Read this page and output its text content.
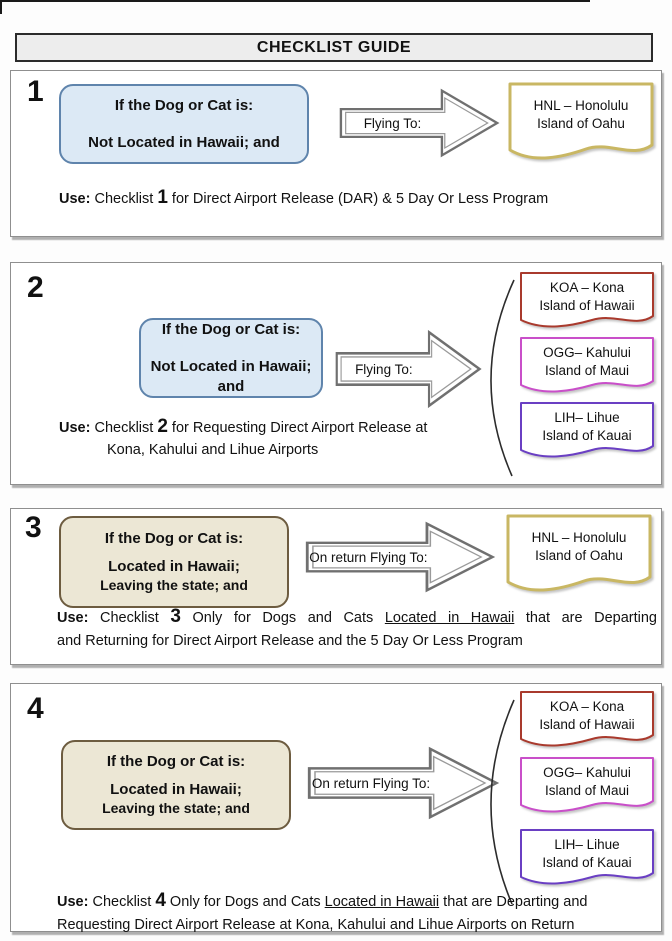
CHECKLIST GUIDE
1	If the Dog or Cat is:
Not Located in Hawaii; and
Flying To:
HNL – Honolulu
Island of Oahu
Use: Checklist 1 for Direct Airport Release (DAR) & 5 Day Or Less Program
2
If the Dog or Cat is:
Not Located in Hawaii; and
Flying To:
KOA – Kona
Island of Hawaii
OGG– Kahului
Island of Maui
LIH– Lihue
Island of Kauai
Use: Checklist 2 for Requesting Direct Airport Release at
Kona, Kahului and Lihue Airports
3	If the Dog or Cat is:
Located in Hawaii;
Leaving the state; and
On return Flying To:
HNL – Honolulu
Island of Oahu
Use: Checklist 3 Only for Dogs and Cats Located in Hawaii that are Departing
and Returning for Direct Airport Release and the 5 Day Or Less Program
4
If the Dog or Cat is:
Located in Hawaii;
Leaving the state; and
On return Flying To:
KOA – Kona
Island of Hawaii
OGG– Kahului
Island of Maui
LIH– Lihue
Island of Kauai
Use: Checklist 4 Only for Dogs and Cats Located in Hawaii that are Departing and
Requesting Direct Airport Release at Kona, Kahului and Lihue Airports on Return
